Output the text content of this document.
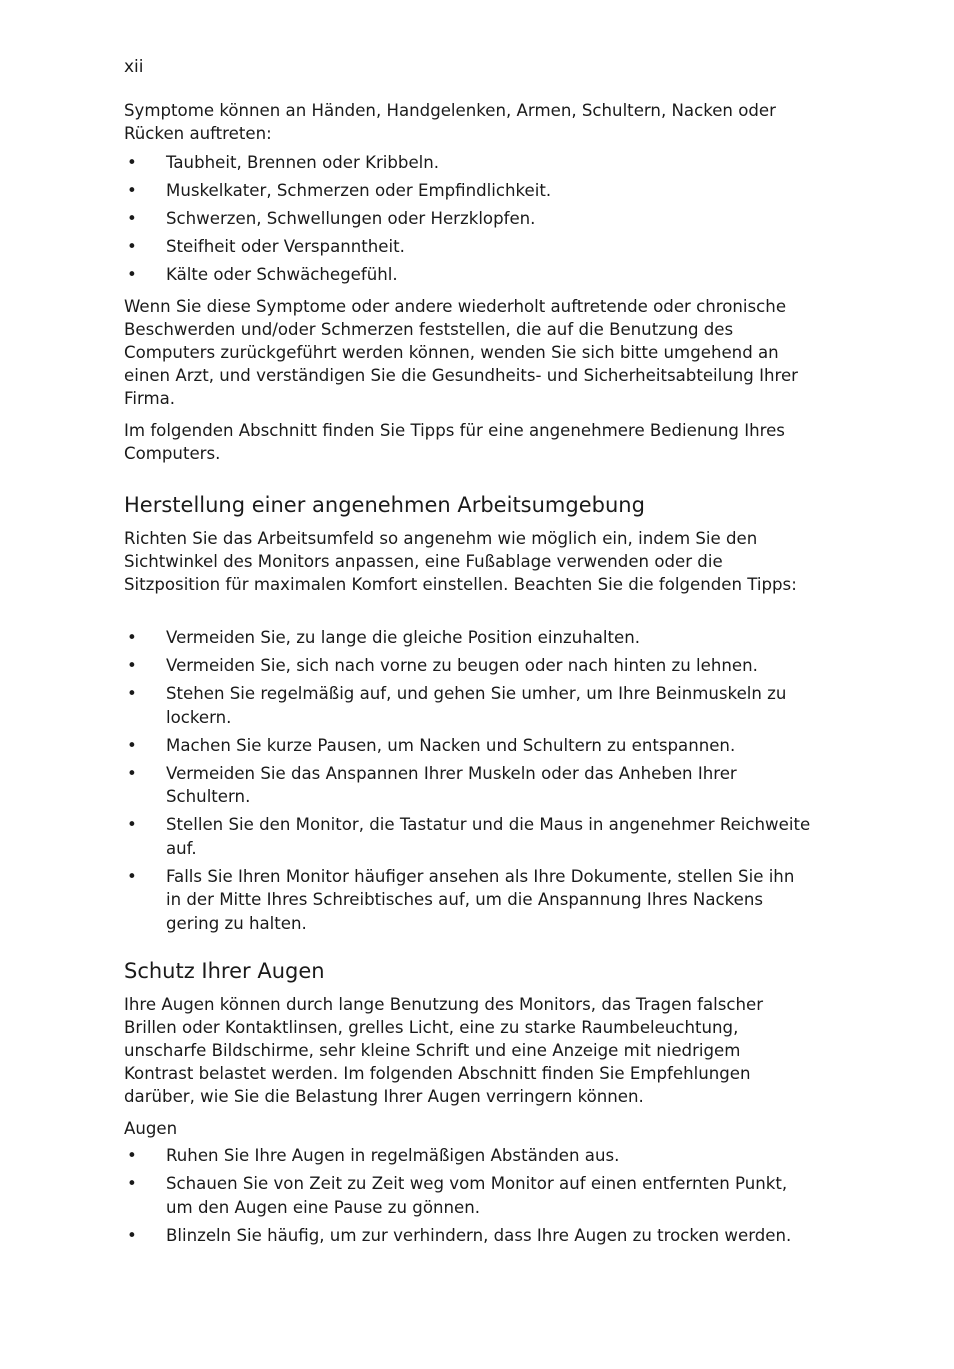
xii

Symptome können an Händen, Handgelenken, Armen, Schultern, Nacken oder Rücken auftreten:

• Taubheit, Brennen oder Kribbeln.
• Muskelkater, Schmerzen oder Empfindlichkeit.
• Schwerzen, Schwellungen oder Herzklopfen.
• Steifheit oder Verspanntheit.
• Kälte oder Schwächegefühl.

Wenn Sie diese Symptome oder andere wiederholt auftretende oder chronische Beschwerden und/oder Schmerzen feststellen, die auf die Benutzung des Computers zurückgeführt werden können, wenden Sie sich bitte umgehend an einen Arzt, und verständigen Sie die Gesundheits- und Sicherheitsabteilung Ihrer Firma.

Im folgenden Abschnitt finden Sie Tipps für eine angenehmere Bedienung Ihres Computers.

Herstellung einer angenehmen Arbeitsumgebung

Richten Sie das Arbeitsumfeld so angenehm wie möglich ein, indem Sie den Sichtwinkel des Monitors anpassen, eine Fußablage verwenden oder die Sitzposition für maximalen Komfort einstellen. Beachten Sie die folgenden Tipps:

• Vermeiden Sie, zu lange die gleiche Position einzuhalten.
• Vermeiden Sie, sich nach vorne zu beugen oder nach hinten zu lehnen.
• Stehen Sie regelmäßig auf, und gehen Sie umher, um Ihre Beinmuskeln zu lockern.
• Machen Sie kurze Pausen, um Nacken und Schultern zu entspannen.
• Vermeiden Sie das Anspannen Ihrer Muskeln oder das Anheben Ihrer Schultern.
• Stellen Sie den Monitor, die Tastatur und die Maus in angenehmer Reichweite auf.
• Falls Sie Ihren Monitor häufiger ansehen als Ihre Dokumente, stellen Sie ihn in der Mitte Ihres Schreibtisches auf, um die Anspannung Ihres Nackens gering zu halten.
Schutz Ihrer Augen

Ihre Augen können durch lange Benutzung des Monitors, das Tragen falscher Brillen oder Kontaktlinsen, grelles Licht, eine zu starke Raumbeleuchtung, unscharfe Bildschirme, sehr kleine Schrift und eine Anzeige mit niedrigem Kontrast belastet werden. Im folgenden Abschnitt finden Sie Empfehlungen darüber, wie Sie die Belastung Ihrer Augen verringern können.

Augen

• Ruhen Sie Ihre Augen in regelmäßigen Abständen aus.
• Schauen Sie von Zeit zu Zeit weg vom Monitor auf einen entfernten Punkt, um den Augen eine Pause zu gönnen.
• Blinzeln Sie häufig, um zur verhindern, dass Ihre Augen zu trocken werden.
